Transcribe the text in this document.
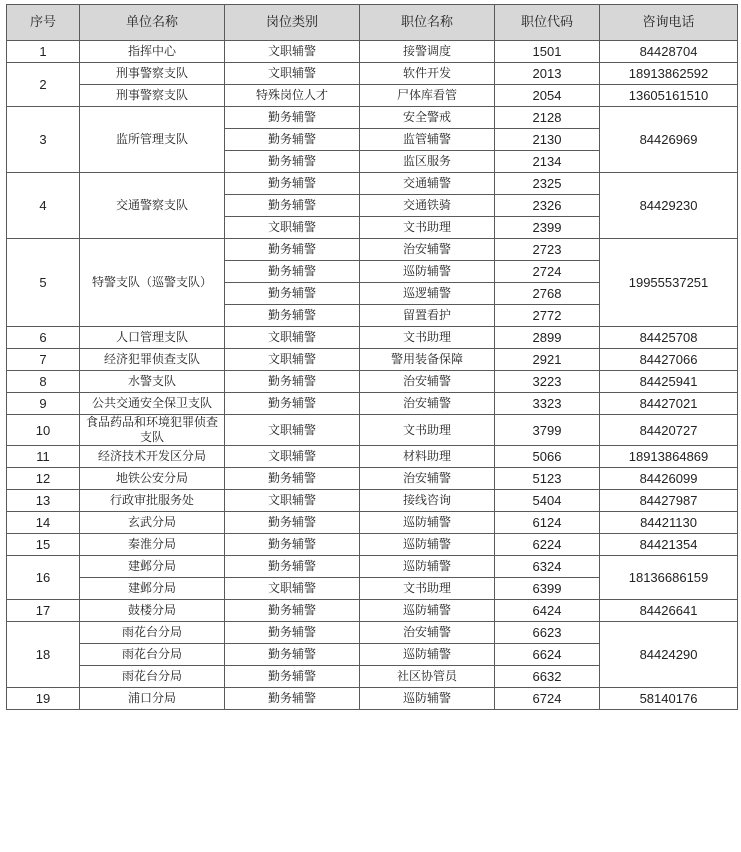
序号	单位名称	岗位类别	职位名称	职位代码	咨询电话
1	指挥中心	文职辅警	接警调度	1501	84428704
2	刑事警察支队	文职辅警	软件开发	2013	18913862592
	刑事警察支队	特殊岗位人才	尸体库看管	2054	13605161510
3	监所管理支队	勤务辅警	安全警戒	2128	84426969
		勤务辅警	监管辅警	2130	
		勤务辅警	监区服务	2134	
4	交通警察支队	勤务辅警	交通辅警	2325	84429230
		勤务辅警	交通铁骑	2326	
		文职辅警	文书助理	2399	
5	特警支队（巡警支队）	勤务辅警	治安辅警	2723	19955537251
		勤务辅警	巡防辅警	2724	
		勤务辅警	巡逻辅警	2768	
		勤务辅警	留置看护	2772	
6	人口管理支队	文职辅警	文书助理	2899	84425708
7	经济犯罪侦查支队	文职辅警	警用装备保障	2921	84427066
8	水警支队	勤务辅警	治安辅警	3223	84425941
9	公共交通安全保卫支队	勤务辅警	治安辅警	3323	84427021
10	食品药品和环境犯罪侦查支队	文职辅警	文书助理	3799	84420727
11	经济技术开发区分局	文职辅警	材料助理	5066	18913864869
12	地铁公安分局	勤务辅警	治安辅警	5123	84426099
13	行政审批服务处	文职辅警	接线咨询	5404	84427987
14	玄武分局	勤务辅警	巡防辅警	6124	84421130
15	秦淮分局	勤务辅警	巡防辅警	6224	84421354
16	建邺分局	勤务辅警	巡防辅警	6324	18136686159
	建邺分局	文职辅警	文书助理	6399	
17	鼓楼分局	勤务辅警	巡防辅警	6424	84426641
18	雨花台分局	勤务辅警	治安辅警	6623	84424290
	雨花台分局	勤务辅警	巡防辅警	6624	
	雨花台分局	勤务辅警	社区协管员	6632	
19	浦口分局	勤务辅警	巡防辅警	6724	58140176
